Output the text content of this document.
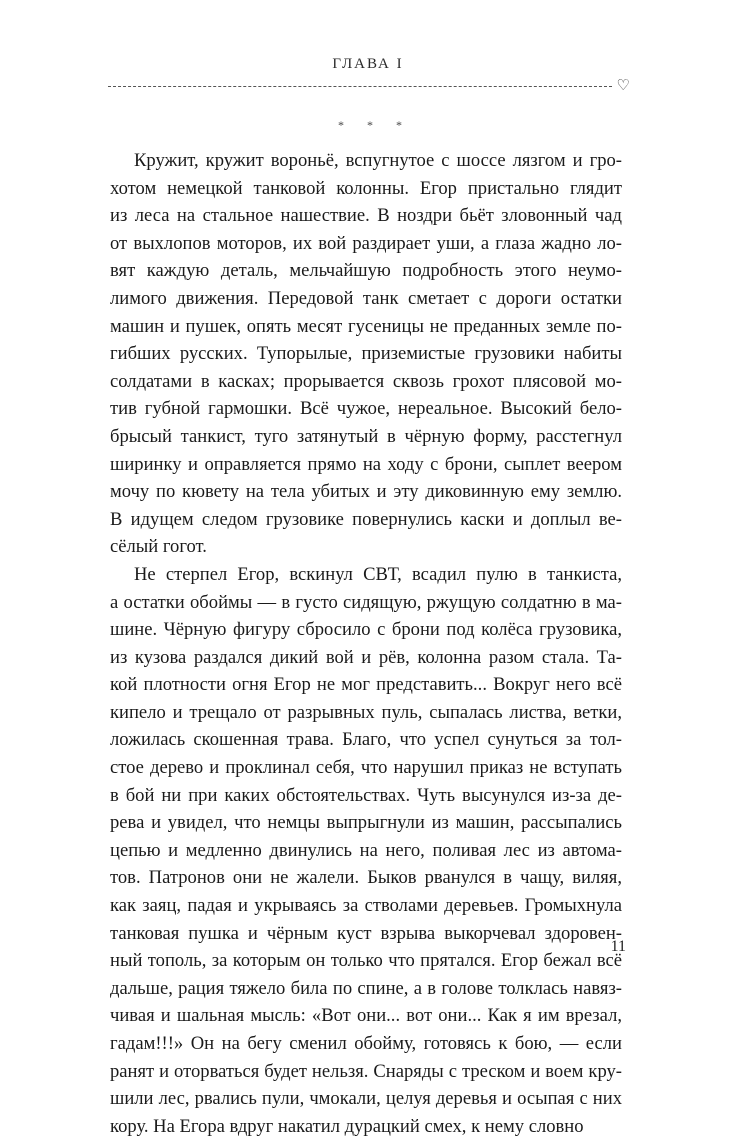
ГЛАВА I
♡
* * *
Кружит, кружит вороньё, вспугнутое с шоссе лязгом и гро-
хотом немецкой танковой колонны. Егор пристально глядит
из леса на стальное нашествие. В ноздри бьёт зловонный чад
от выхлопов моторов, их вой раздирает уши, а глаза жадно ло-
вят каждую деталь, мельчайшую подробность этого неумо-
лимого движения. Передовой танк сметает с дороги остатки
машин и пушек, опять месят гусеницы не преданных земле по-
гибших русских. Тупорылые, приземистые грузовики набиты
солдатами в касках; прорывается сквозь грохот плясовой мо-
тив губной гармошки. Всё чужое, нереальное. Высокий бело-
брысый танкист, туго затянутый в чёрную форму, расстегнул
ширинку и оправляется прямо на ходу с брони, сыплет веером
мочу по кювету на тела убитых и эту диковинную ему землю.
В идущем следом грузовике повернулись каски и доплыл ве-
сёлый гогот.
Не стерпел Егор, вскинул СВТ, всадил пулю в танкиста,
а остатки обоймы — в густо сидящую, ржущую солдатню в ма-
шине. Чёрную фигуру сбросило с брони под колёса грузовика,
из кузова раздался дикий вой и рёв, колонна разом стала. Та-
кой плотности огня Егор не мог представить... Вокруг него всё
кипело и трещало от разрывных пуль, сыпалась листва, ветки,
ложилась скошенная трава. Благо, что успел сунуться за тол-
стое дерево и проклинал себя, что нарушил приказ не вступать
в бой ни при каких обстоятельствах. Чуть высунулся из-за де-
рева и увидел, что немцы выпрыгнули из машин, рассыпались
цепью и медленно двинулись на него, поливая лес из автома-
тов. Патронов они не жалели. Быков рванулся в чащу, виляя,
как заяц, падая и укрываясь за стволами деревьев. Громыхнула
танковая пушка и чёрным куст взрыва выкорчевал здоровен-
ный тополь, за которым он только что прятался. Егор бежал всё
дальше, рация тяжело била по спине, а в голове толклась навяз-
чивая и шальная мысль: «Вот они... вот они... Как я им врезал,
гадам!!!» Он на бегу сменил обойму, готовясь к бою, — если
ранят и оторваться будет нельзя. Снаряды с треском и воем кру-
шили лес, рвались пули, чмокали, целуя деревья и осыпая с них
кору. На Егора вдруг накатил дурацкий смех, к нему словно
11
